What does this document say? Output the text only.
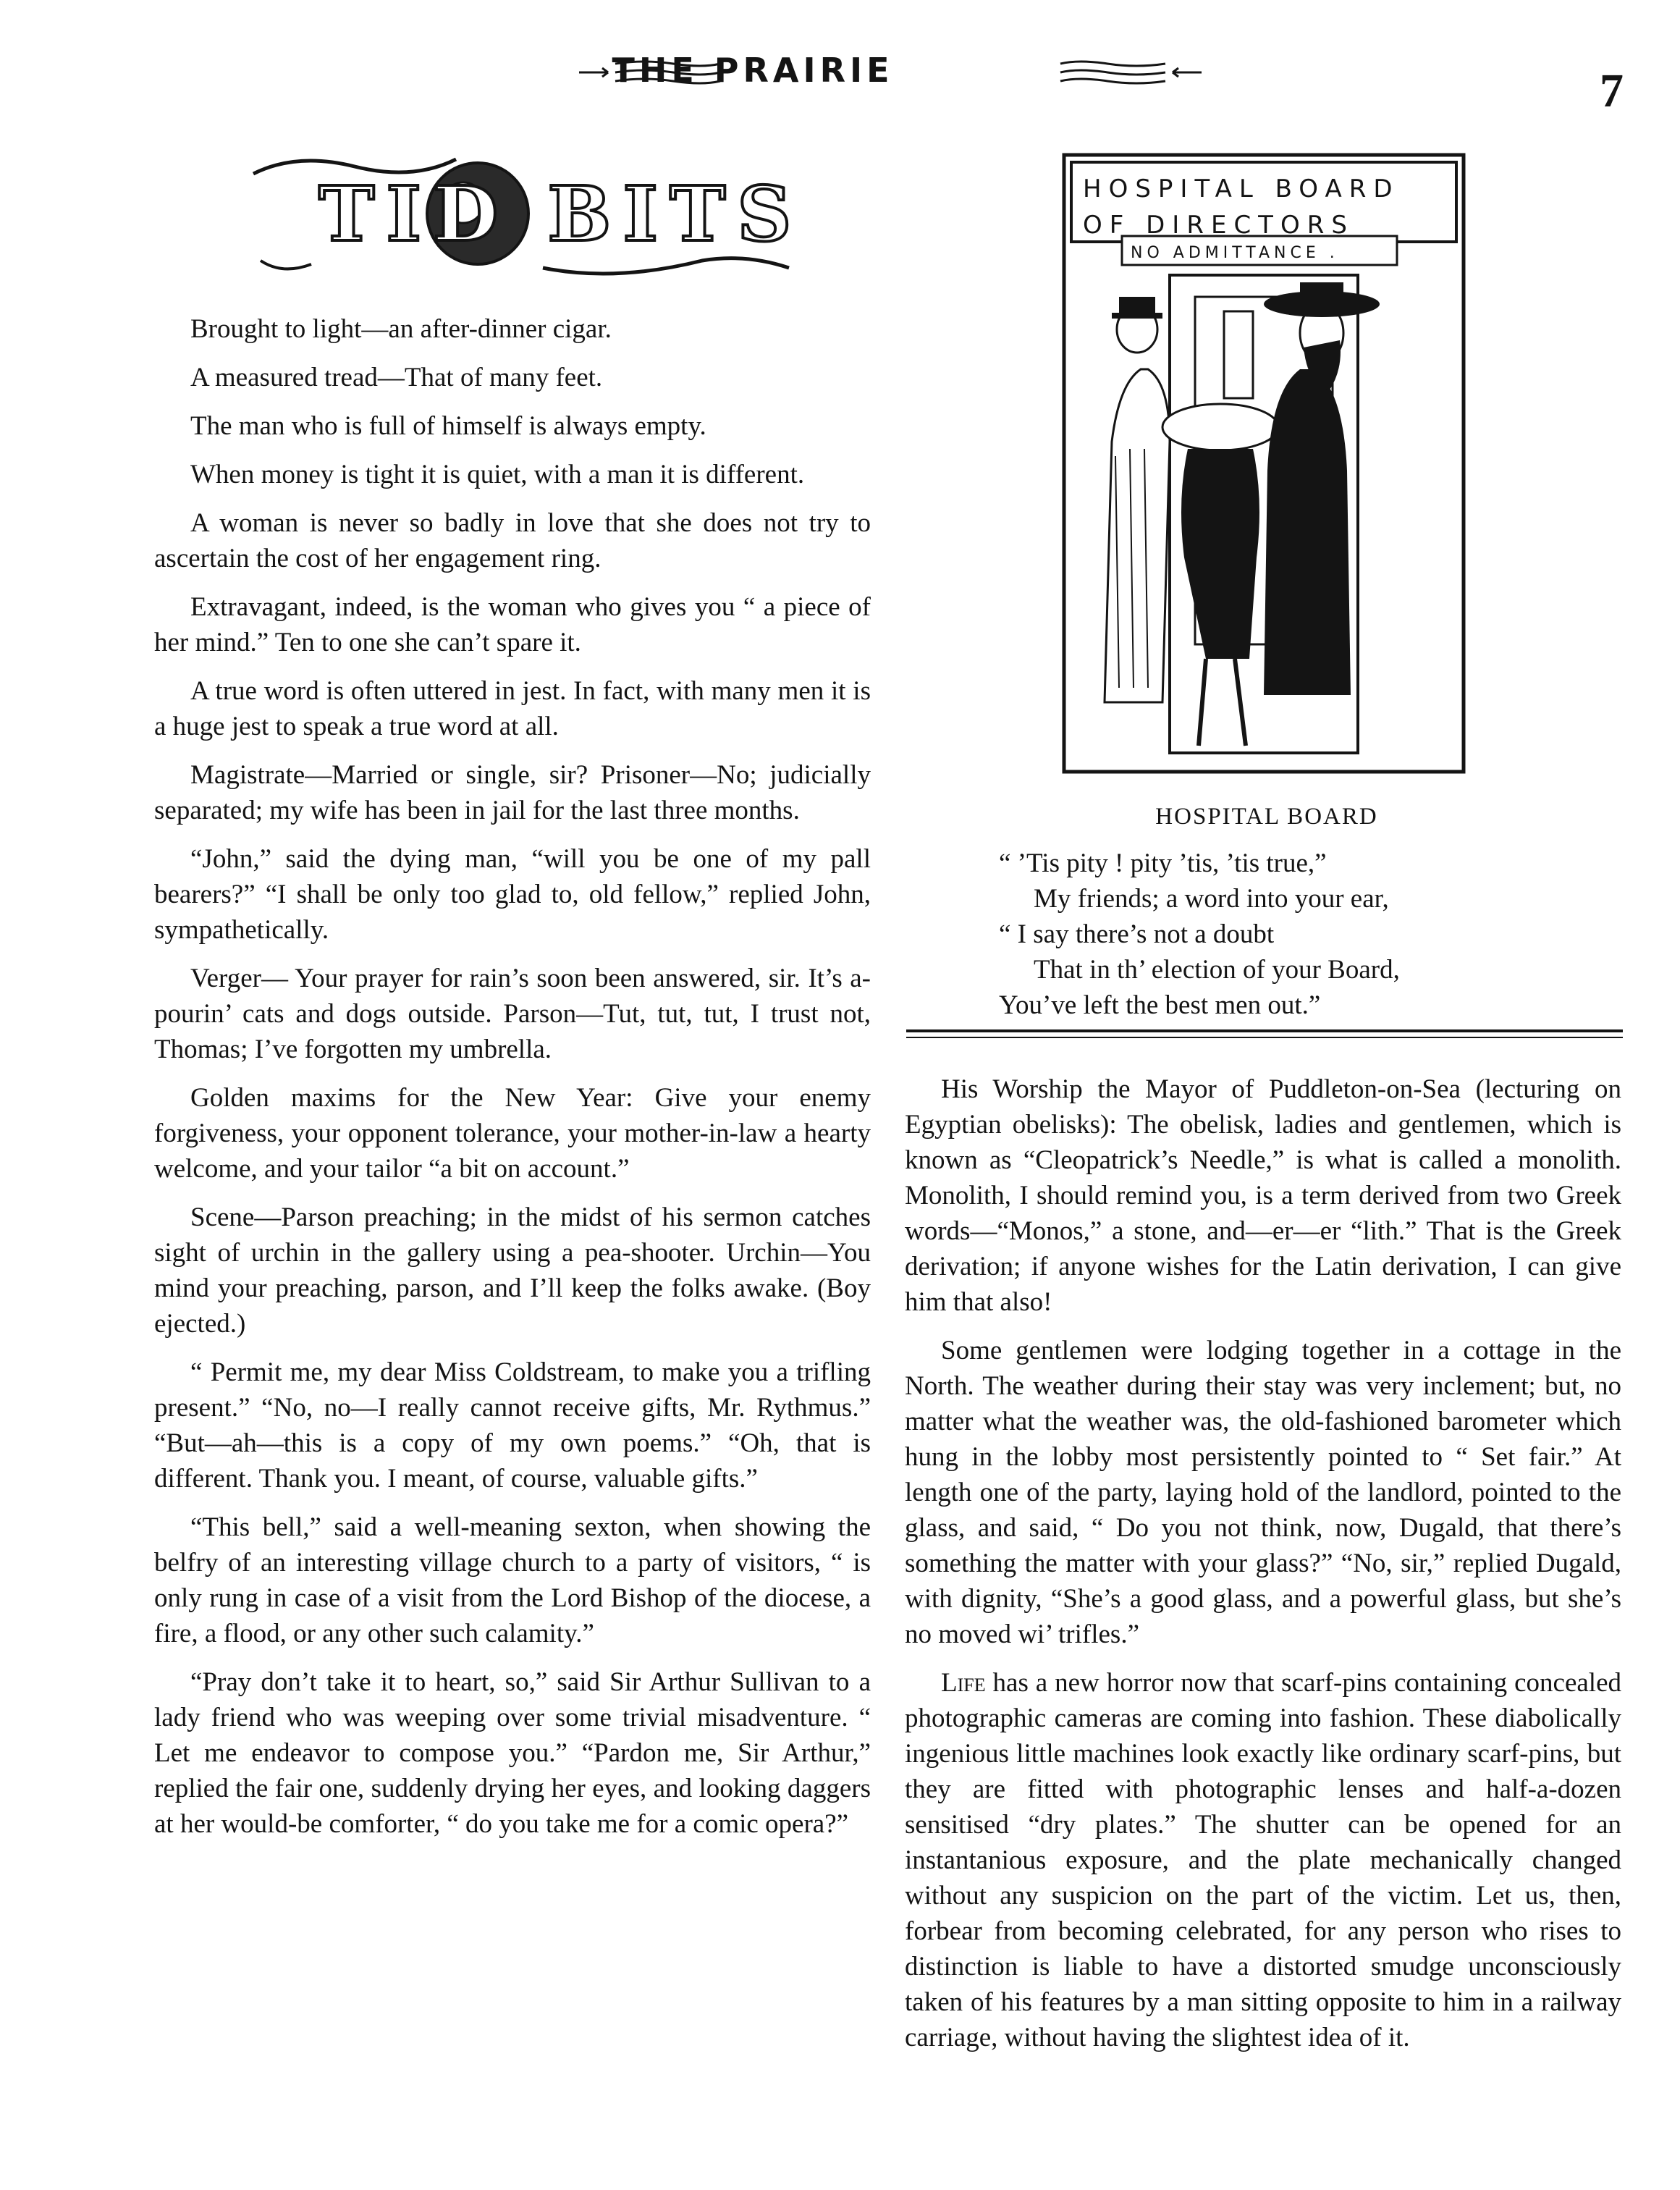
THE PRAIRIE	7
TID BITS

Brought to light—an after-dinner cigar.

A measured tread—That of many feet.

The man who is full of himself is always empty.

When money is tight it is quiet, with a man it is different.

A woman is never so badly in love that she does not try to ascertain the cost of her engagement ring.

Extravagant, indeed, is the woman who gives you “ a piece of her mind.” Ten to one she can’t spare it.

A true word is often uttered in jest. In fact, with many men it is a huge jest to speak a true word at all.

Magistrate—Married or single, sir? Prisoner—No; judicially separated; my wife has been in jail for the last three months.

“John,” said the dying man, “will you be one of my pall bearers?” “I shall be only too glad to, old fellow,” replied John, sympathetically.

Verger— Your prayer for rain’s soon been answered, sir. It’s a-pourin’ cats and dogs outside. Parson—Tut, tut, tut, I trust not, Thomas; I’ve forgotten my umbrella.

Golden maxims for the New Year: Give your enemy forgiveness, your opponent tolerance, your mother-in-law a hearty welcome, and your tailor “a bit on account.”

Scene—Parson preaching; in the midst of his sermon catches sight of urchin in the gallery using a pea-shooter. Urchin—You mind your preaching, parson, and I’ll keep the folks awake. (Boy ejected.)

“ Permit me, my dear Miss Coldstream, to make you a trifling present.” “No, no—I really cannot receive gifts, Mr. Rythmus.” “But—ah—this is a copy of my own poems.” “Oh, that is different. Thank you. I meant, of course, valuable gifts.”

“This bell,” said a well-meaning sexton, when showing the belfry of an interesting village church to a party of visitors, “ is only rung in case of a visit from the Lord Bishop of the diocese, a fire, a flood, or any other such calamity.”

“Pray don’t take it to heart, so,” said Sir Arthur Sullivan to a lady friend who was weeping over some trivial misadventure. “ Let me endeavor to compose you.” “Pardon me, Sir Arthur,” replied the fair one, suddenly drying her eyes, and looking daggers at her would-be comforter, “ do you take me for a comic opera?”

HOSPITAL BOARD
OF DIRECTORS
NO ADMITTANCE .
HOSPITAL BOARD
“ ’Tis pity ! pity ’tis, ’tis true,”
My friends; a word into your ear,
“ I say there’s not a doubt
That in th’ election of your Board,
You’ve left the best men out.”

His Worship the Mayor of Puddleton-on-Sea (lecturing on Egyptian obelisks): The obelisk, ladies and gentlemen, which is known as “Cleopatrick’s Needle,” is what is called a monolith. Monolith, I should remind you, is a term derived from two Greek words—“Monos,” a stone, and—er—er “lith.” That is the Greek derivation; if anyone wishes for the Latin derivation, I can give him that also!

Some gentlemen were lodging together in a cottage in the North. The weather during their stay was very inclement; but, no matter what the weather was, the old-fashioned barometer which hung in the lobby most persistently pointed to “ Set fair.” At length one of the party, laying hold of the landlord, pointed to the glass, and said, “ Do you not think, now, Dugald, that there’s something the matter with your glass?” “No, sir,” replied Dugald, with dignity, “She’s a good glass, and a powerful glass, but she’s no moved wi’ trifles.”

Life has a new horror now that scarf-pins containing concealed photographic cameras are coming into fashion. These diabolically ingenious little machines look exactly like ordinary scarf-pins, but they are fitted with photographic lenses and half-a-dozen sensitised “dry plates.” The shutter can be opened for an instantanious exposure, and the plate mechanically changed without any suspicion on the part of the victim. Let us, then, forbear from becoming celebrated, for any person who rises to distinction is liable to have a distorted smudge unconsciously taken of his features by a man sitting opposite to him in a railway carriage, without having the slightest idea of it.
